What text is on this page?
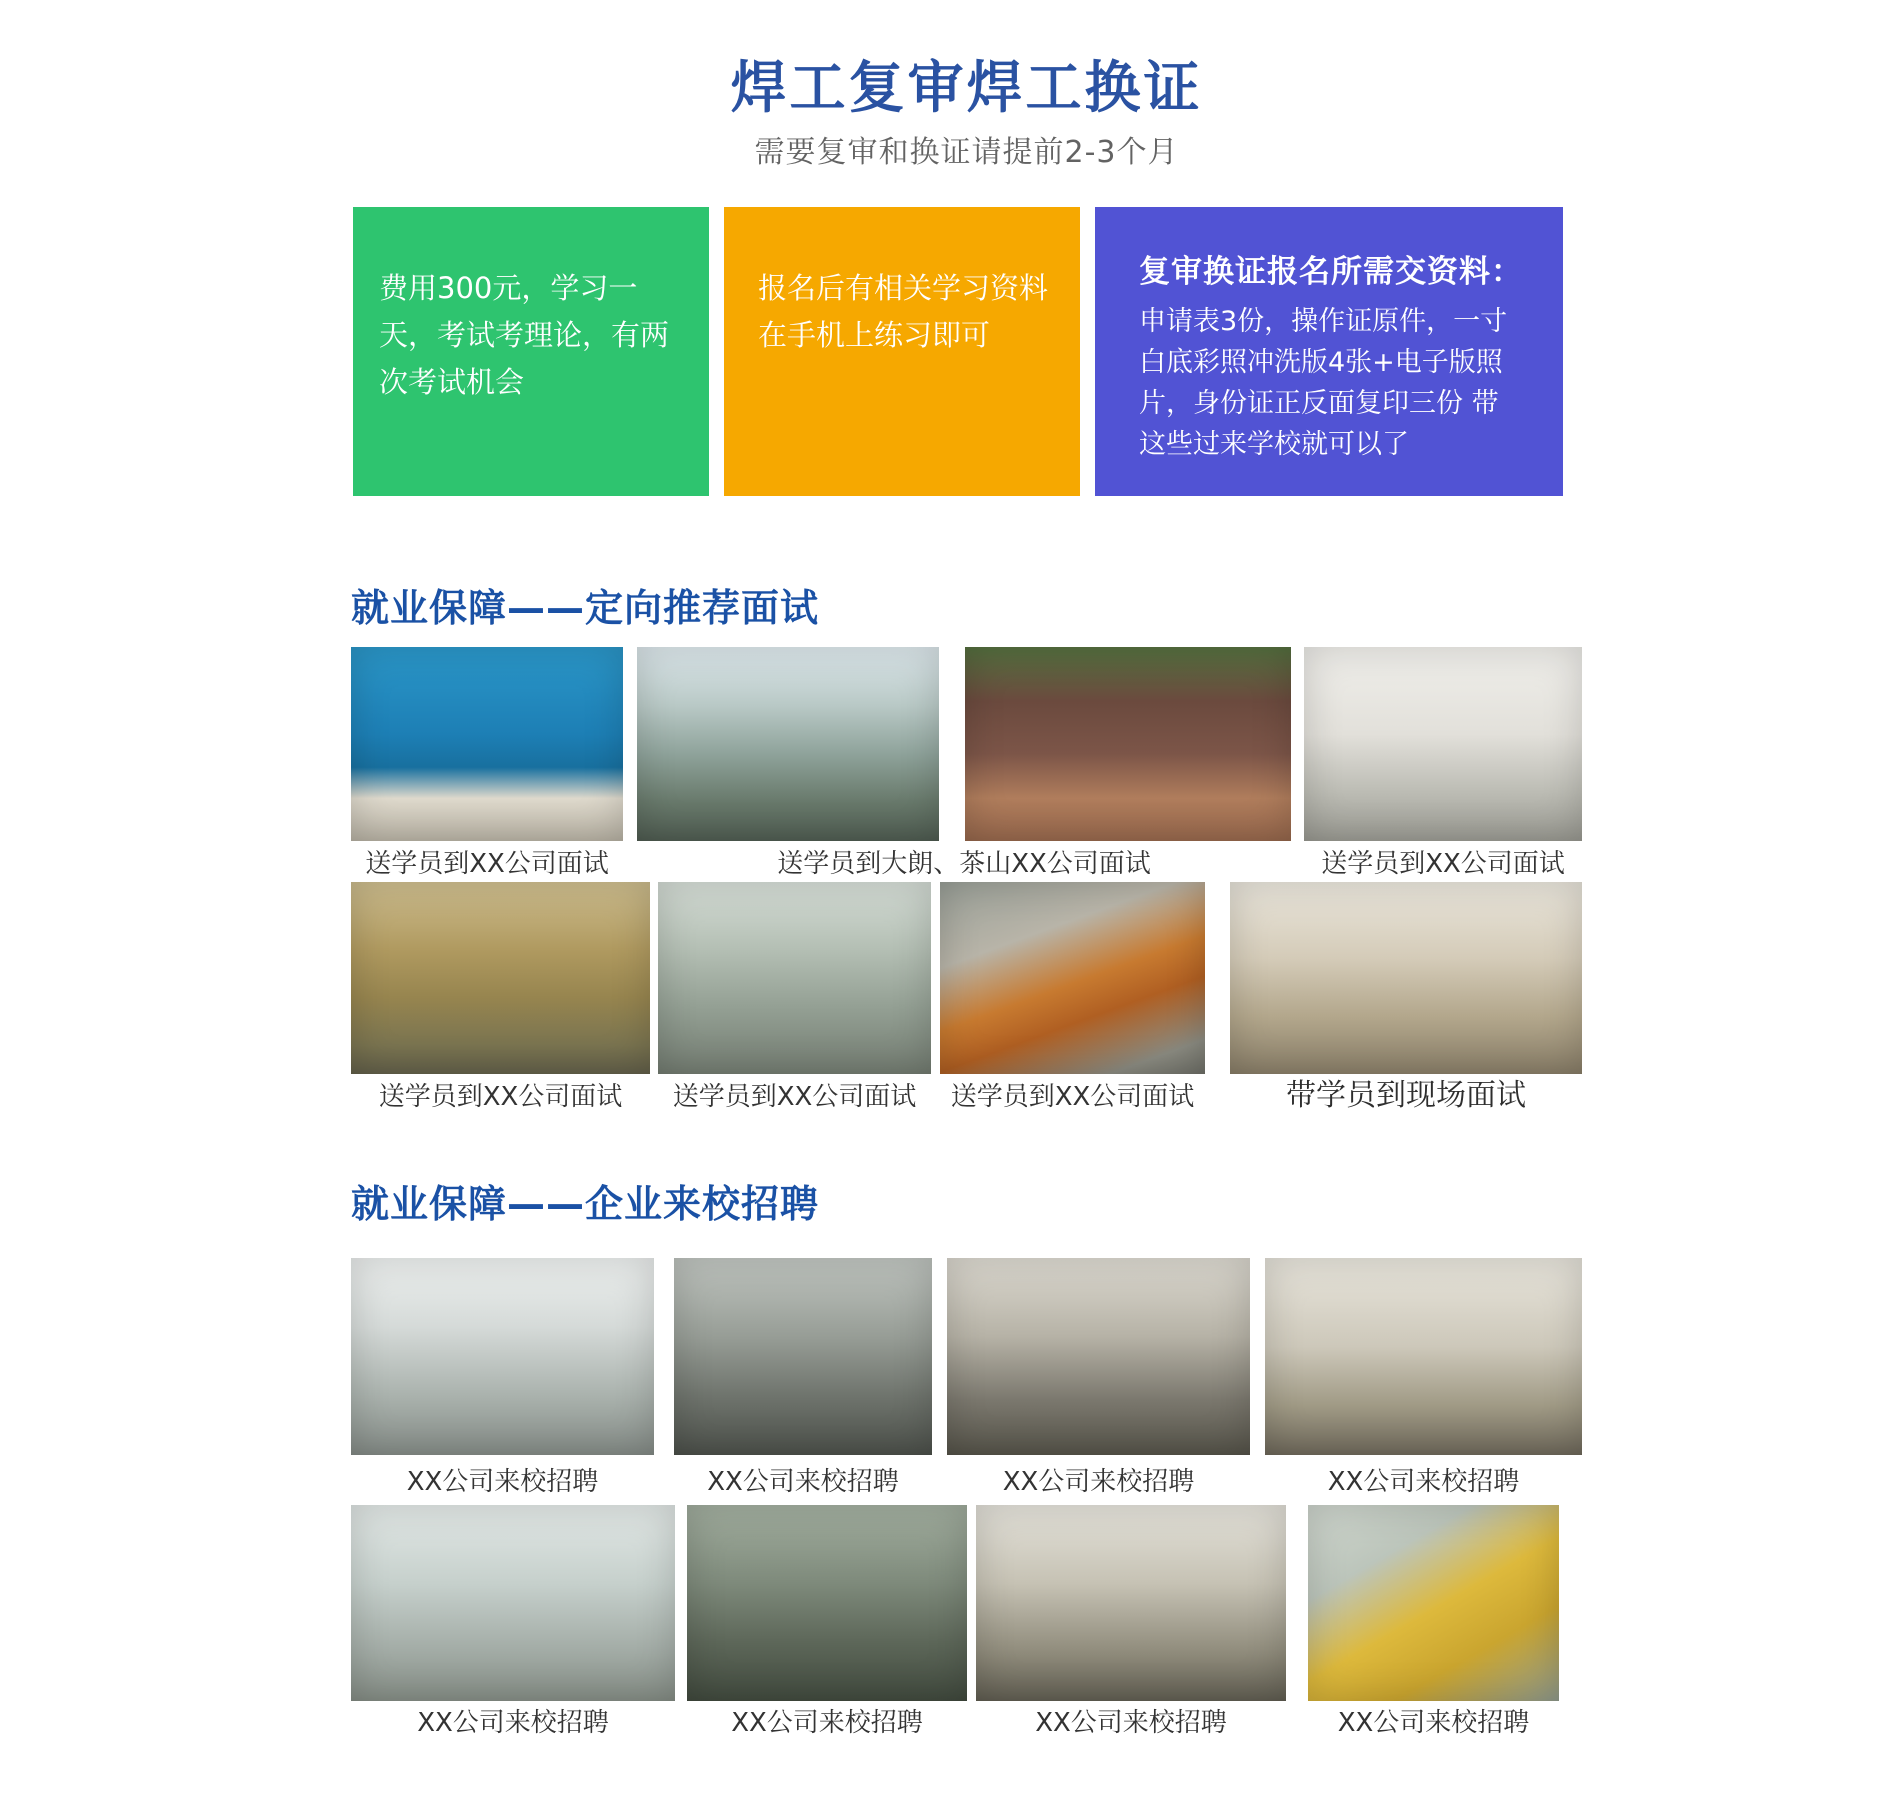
焊工复审焊工换证

需要复审和换证请提前2-3个月

费用300元，学习一天，考试考理论，有两次考试机会

报名后有相关学习资料在手机上练习即可

复审换证报名所需交资料：

申请表3份，操作证原件，一寸白底彩照冲洗版4张+电子版照片，身份证正反面复印三份 带这些过来学校就可以了

就业保障——定向推荐面试
送学员到XX公司面试	送学员到大朗、茶山XX公司面试	送学员到XX公司面试
送学员到XX公司面试	送学员到XX公司面试	送学员到XX公司面试	带学员到现场面试
就业保障——企业来校招聘
XX公司来校招聘	XX公司来校招聘	XX公司来校招聘	XX公司来校招聘
XX公司来校招聘	XX公司来校招聘	XX公司来校招聘	XX公司来校招聘
